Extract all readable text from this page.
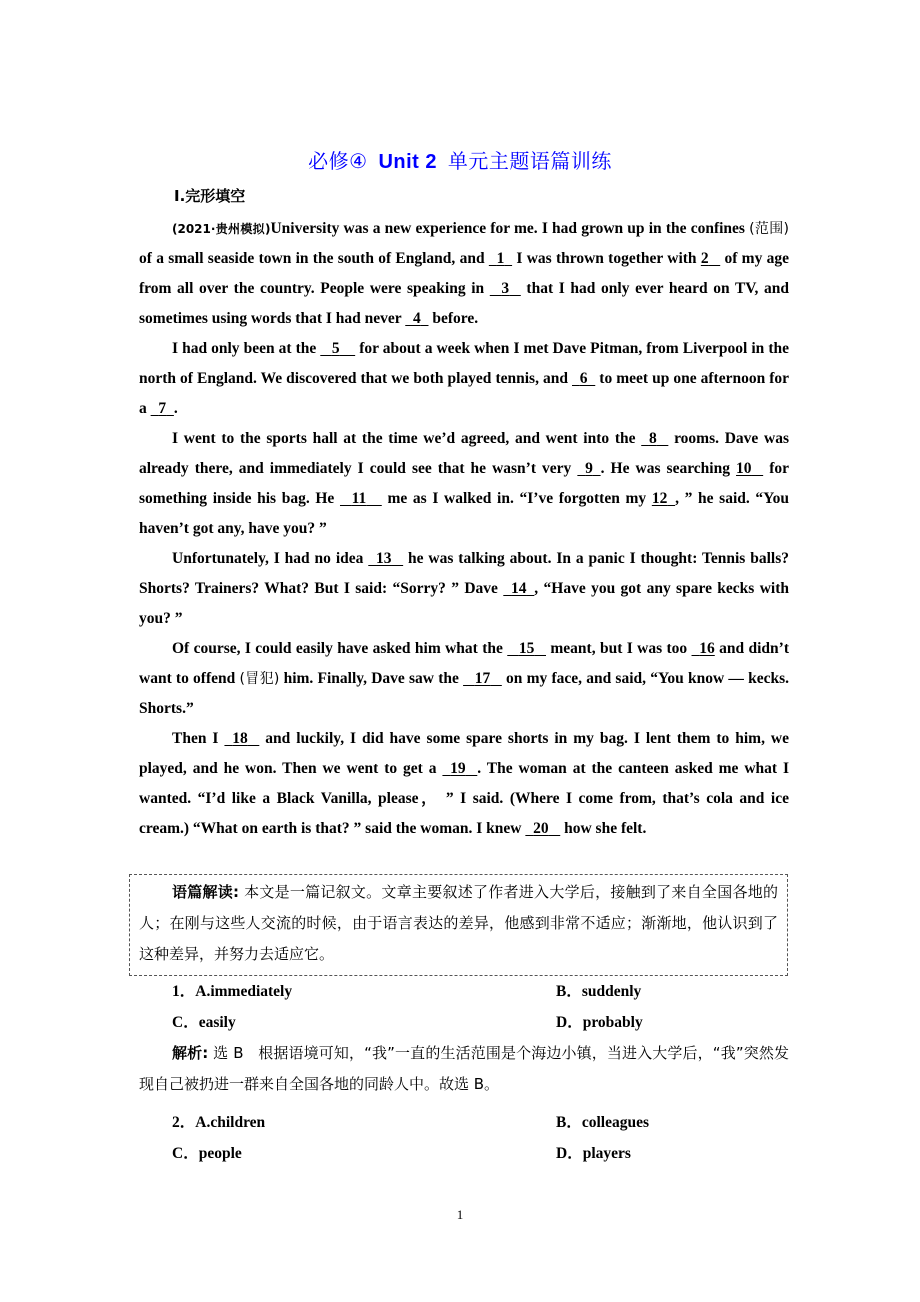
必修④ Unit 2 单元主题语篇训练
Ⅰ.完形填空

(2021·贵州模拟)University was a new experience for me. I had grown up in the confines (范围) of a small seaside town in the south of England, and   1 I was thrown together with 2    of my age from all over the country. People were speaking in    3    that I had only ever heard on TV, and sometimes using words that I had never   4   before.

I had only been at the    5     for about a week when I met Dave Pitman, from Liverpool in the north of England. We discovered that we both played tennis, and   6   to meet up one afternoon for a   7 .

I went to the sports hall at the time we’d agreed, and went into the   8    rooms. Dave was already there, and immediately I could see that he wasn’t very   9 . He was searching 10    for something inside his bag. He    11     me as I walked in. “I’ve forgotten my 12 , ” he said. “You haven’t got any, have you? ”

Unfortunately, I had no idea   13    he was talking about. In a panic I thought: Tennis balls? Shorts? Trainers? What? But I said: “Sorry? ” Dave   14 , “Have you got any spare kecks with you? ”

Of course, I could easily have asked him what the    15    meant, but I was too   16 and didn’t want to offend (冒犯) him. Finally, Dave saw the    17    on my face, and said, “You know — kecks. Shorts.”

Then I   18    and luckily, I did have some spare shorts in my bag. I lent them to him, we played, and he won. Then we went to get a   19 . The woman at the canteen asked me what I wanted. “I’d like a Black Vanilla, please， ” I said. (Where I come from, that’s cola and ice cream.) “What on earth is that? ” said the woman. I knew   20    how she felt.

语篇解读: 本文是一篇记叙文。文章主要叙述了作者进入大学后，接触到了来自全国各地的人；在刚与这些人交流的时候，由于语言表达的差异，他感到非常不适应；渐渐地，他认识到了这种差异，并努力去适应它。

1．A.immediately	B．suddenly
C．easily	D．probably

解析: 选 B 根据语境可知，“我”一直的生活范围是个海边小镇，当进入大学后，“我”突然发现自己被扔进一群来自全国各地的同龄人中。故选 B。

2．A.children	B．colleagues
C．people	D．players
1
